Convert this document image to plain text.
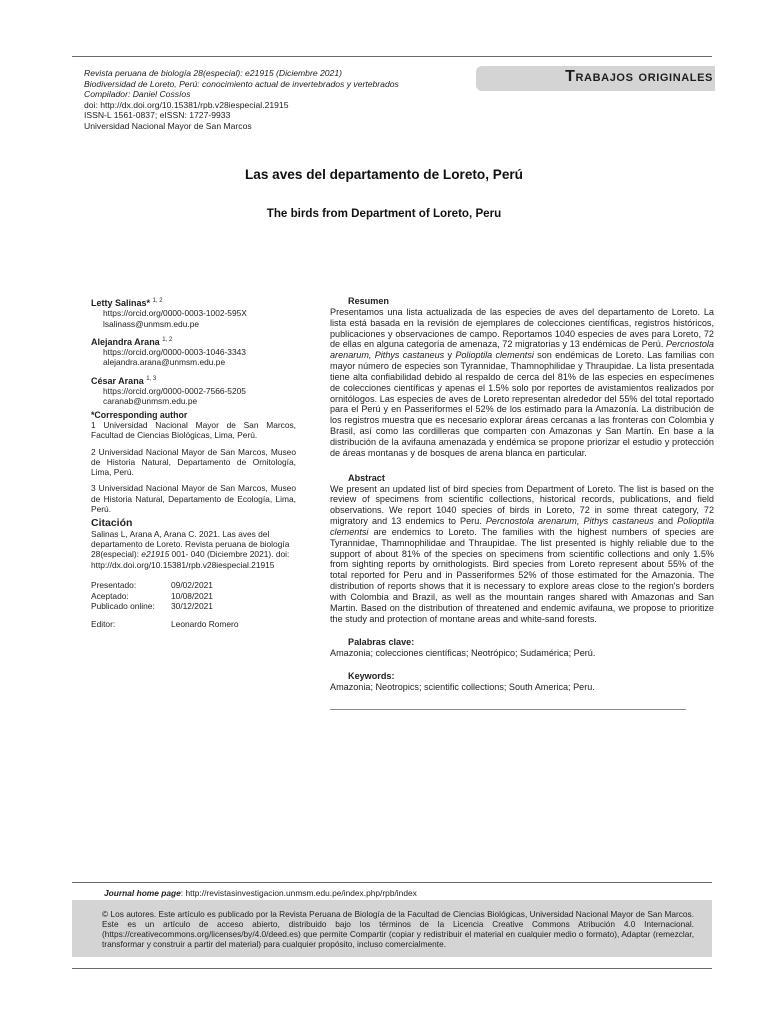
Revista peruana de biología 28(especial): e21915 (Diciembre 2021)
Biodiversidad de Loreto, Perú: conocimiento actual de invertebrados y vertebrados
Compilador: Daniel Cossíos
doi: http://dx.doi.org/10.15381/rpb.v28iespecial.21915
ISSN-L 1561-0837; eISSN: 1727-9933
Universidad Nacional Mayor de San Marcos
Trabajos originales
Las aves del departamento de Loreto, Perú
The birds from Department of Loreto, Peru
Letty Salinas* $^{1, 2}$
https://orcid.org/0000-0003-1002-595X
lsalinass@unmsm.edu.pe
Alejandra Arana $^{1, 2}$
https://orcid.org/0000-0003-1046-3343
alejandra.arana@unmsm.edu.pe
César Arana $^{1, 3}$
https://orcid.org/0000-0002-7566-5205
caranab@unmsm.edu.pe
*Corresponding author
1 Universidad Nacional Mayor de San Marcos, Facultad de Ciencias Biológicas, Lima, Perú.
2 Universidad Nacional Mayor de San Marcos, Museo de Historia Natural, Departamento de Ornitología, Lima, Perú.
3 Universidad Nacional Mayor de San Marcos, Museo de Historia Natural, Departamento de Ecología, Lima, Perú.
Citación
Salinas L, Arana A, Arana C. 2021. Las aves del departamento de Loreto. Revista peruana de biología 28(especial): e21915 001- 040 (Diciembre 2021). doi: http://dx.doi.org/10.15381/rpb.v28iespecial.21915
Presentado:	09/02/2021
Aceptado:	10/08/2021
Publicado online:	30/12/2021
Editor:	Leonardo Romero
Resumen
Presentamos una lista actualizada de las especies de aves del departamento de Loreto. La lista está basada en la revisión de ejemplares de colecciones científicas, registros históricos, publicaciones y observaciones de campo. Reportamos 1040 especies de aves para Loreto, 72 de ellas en alguna categoría de amenaza, 72 migratorias y 13 endémicas de Perú. Percnostola arenarum, Pithys castaneus y Polioptila clementsi son endémicas de Loreto. Las familias con mayor número de especies son Tyrannidae, Thamnophilidae y Thraupidae. La lista presentada tiene alta confiabilidad debido al respaldo de cerca del 81% de las especies en especímenes de colecciones científicas y apenas el 1.5% solo por reportes de avistamientos realizados por ornitólogos. Las especies de aves de Loreto representan alrededor del 55% del total reportado para el Perú y en Passeriformes el 52% de los estimado para la Amazonía. La distribución de los registros muestra que es necesario explorar áreas cercanas a las fronteras con Colombia y Brasil, así como las cordilleras que comparten con Amazonas y San Martín. En base a la distribución de la avifauna amenazada y endémica se propone priorizar el estudio y protección de áreas montanas y de bosques de arena blanca en particular.
Abstract
We present an updated list of bird species from Department of Loreto. The list is based on the review of specimens from scientific collections, historical records, publications, and field observations. We report 1040 species of birds in Loreto, 72 in some threat category, 72 migratory and 13 endemics to Peru. Percnostola arenarum, Pithys castaneus and Polioptila clementsi are endemics to Loreto. The families with the highest numbers of species are Tyrannidae, Thamnophilidae and Thraupidae. The list presented is highly reliable due to the support of about 81% of the species on specimens from scientific collections and only 1.5% from sighting reports by ornithologists. Bird species from Loreto represent about 55% of the total reported for Peru and in Passeriformes 52% of those estimated for the Amazonia. The distribution of reports shows that it is necessary to explore areas close to the region's borders with Colombia and Brazil, as well as the mountain ranges shared with Amazonas and San Martin. Based on the distribution of threatened and endemic avifauna, we propose to prioritize the study and protection of montane areas and white-sand forests.
Palabras clave:
Amazonia; colecciones científicas; Neotrópico; Sudamérica; Perú.
Keywords:
Amazonia; Neotropics; scientific collections; South America; Peru.
Journal home page: http://revistasinvestigacion.unmsm.edu.pe/index.php/rpb/index
© Los autores. Este artículo es publicado por la Revista Peruana de Biología de la Facultad de Ciencias Biológicas, Universidad Nacional Mayor de San Marcos. Este es un artículo de acceso abierto, distribuido bajo los términos de la Licencia Creative Commons Atribución 4.0 Internacional. (https://creativecommons.org/licenses/by/4.0/deed.es) que permite Compartir (copiar y redistribuir el material en cualquier medio o formato), Adaptar (remezclar, transformar y construir a partir del material) para cualquier propósito, incluso comercialmente.
